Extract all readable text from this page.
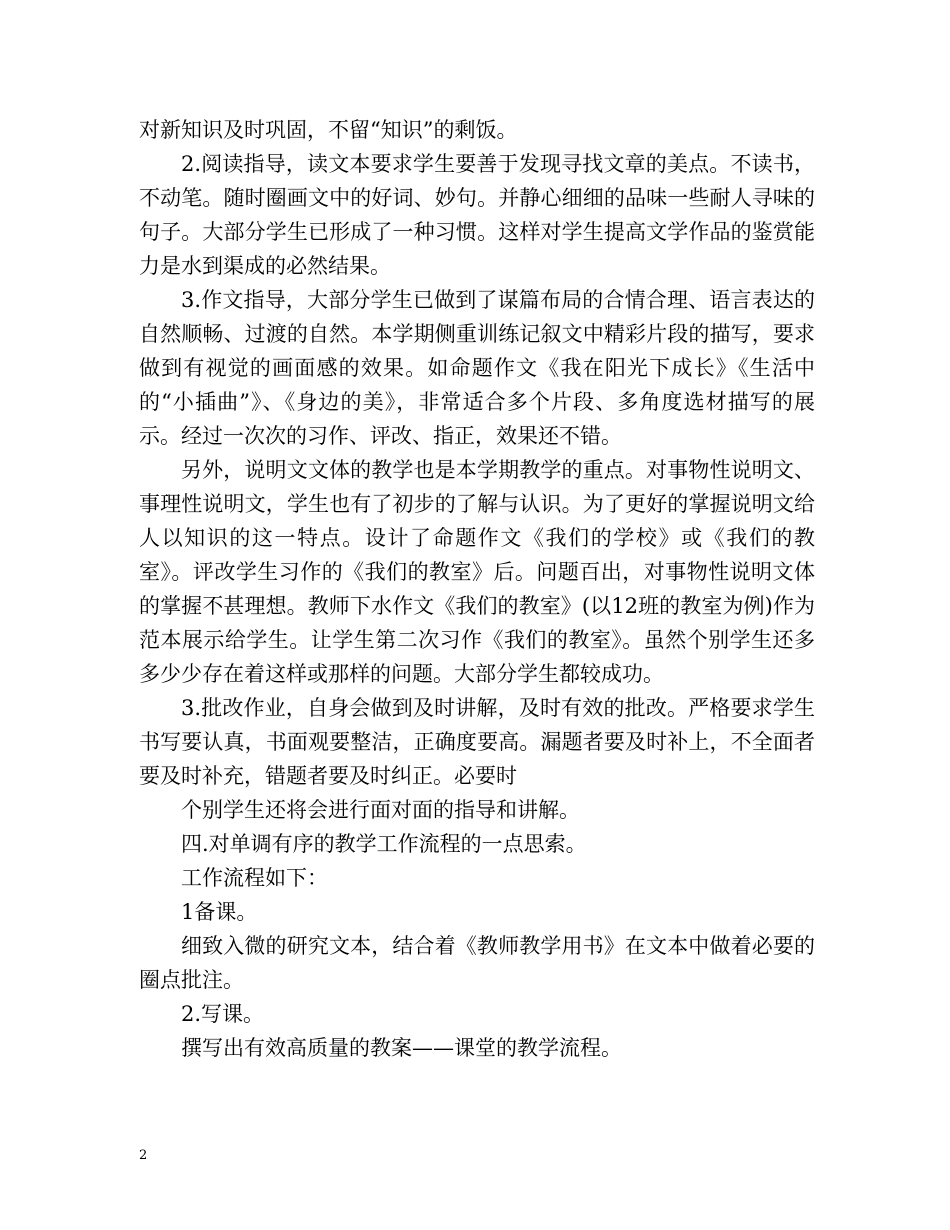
对新知识及时巩固，不留“知识”的剩饭。

2.阅读指导，读文本要求学生要善于发现寻找文章的美点。不读书，不动笔。随时圈画文中的好词、妙句。并静心细细的品味一些耐人寻味的句子。大部分学生已形成了一种习惯。这样对学生提高文学作品的鉴赏能力是水到渠成的必然结果。

3.作文指导，大部分学生已做到了谋篇布局的合情合理、语言表达的自然顺畅、过渡的自然。本学期侧重训练记叙文中精彩片段的描写，要求做到有视觉的画面感的效果。如命题作文《我在阳光下成长》《生活中的“小插曲”》、《身边的美》，非常适合多个片段、多角度选材描写的展示。经过一次次的习作、评改、指正，效果还不错。

另外，说明文文体的教学也是本学期教学的重点。对事物性说明文、事理性说明文，学生也有了初步的了解与认识。为了更好的掌握说明文给人以知识的这一特点。设计了命题作文《我们的学校》或《我们的教室》。评改学生习作的《我们的教室》后。问题百出，对事物性说明文体的掌握不甚理想。教师下水作文《我们的教室》(以12班的教室为例)作为范本展示给学生。让学生第二次习作《我们的教室》。虽然个别学生还多多少少存在着这样或那样的问题。大部分学生都较成功。

3.批改作业，自身会做到及时讲解，及时有效的批改。严格要求学生书写要认真，书面观要整洁，正确度要高。漏题者要及时补上，不全面者要及时补充，错题者要及时纠正。必要时

个别学生还将会进行面对面的指导和讲解。

四.对单调有序的教学工作流程的一点思索。

工作流程如下：

1备课。

细致入微的研究文本，结合着《教师教学用书》在文本中做着必要的圈点批注。

2.写课。

撰写出有效高质量的教案——课堂的教学流程。

2
